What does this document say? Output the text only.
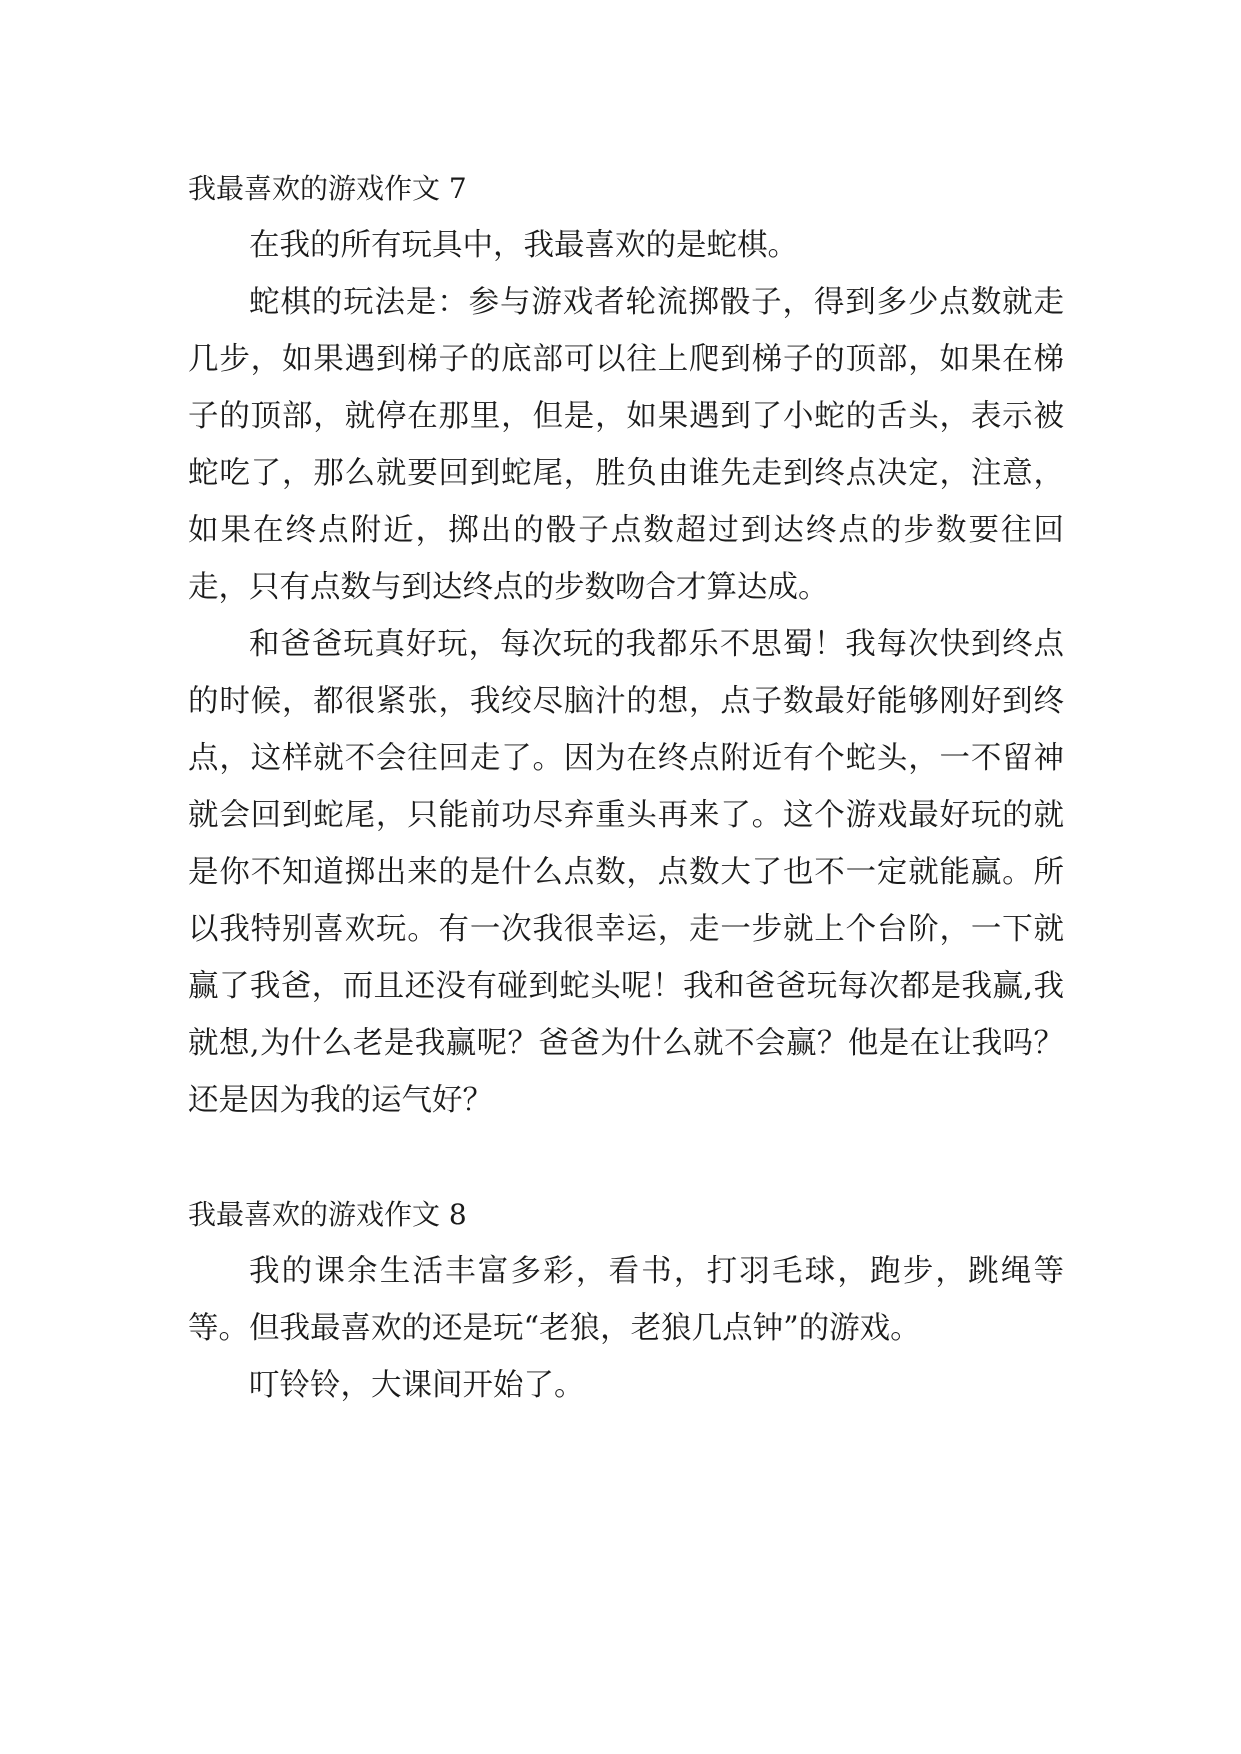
我最喜欢的游戏作文 7

在我的所有玩具中，我最喜欢的是蛇棋。

蛇棋的玩法是：参与游戏者轮流掷骰子，得到多少点数就走几步，如果遇到梯子的底部可以往上爬到梯子的顶部，如果在梯子的顶部，就停在那里，但是，如果遇到了小蛇的舌头，表示被蛇吃了，那么就要回到蛇尾，胜负由谁先走到终点决定，注意，如果在终点附近，掷出的骰子点数超过到达终点的步数要往回走，只有点数与到达终点的步数吻合才算达成。

和爸爸玩真好玩，每次玩的我都乐不思蜀！我每次快到终点的时候，都很紧张，我绞尽脑汁的想，点子数最好能够刚好到终点，这样就不会往回走了。因为在终点附近有个蛇头，一不留神就会回到蛇尾，只能前功尽弃重头再来了。这个游戏最好玩的就是你不知道掷出来的是什么点数，点数大了也不一定就能赢。所以我特别喜欢玩。有一次我很幸运，走一步就上个台阶，一下就赢了我爸，而且还没有碰到蛇头呢！我和爸爸玩每次都是我赢,我就想,为什么老是我赢呢？爸爸为什么就不会赢？他是在让我吗？还是因为我的运气好？

我最喜欢的游戏作文 8

我的课余生活丰富多彩，看书，打羽毛球，跑步，跳绳等等。但我最喜欢的还是玩“老狼，老狼几点钟”的游戏。

叮铃铃，大课间开始了。
